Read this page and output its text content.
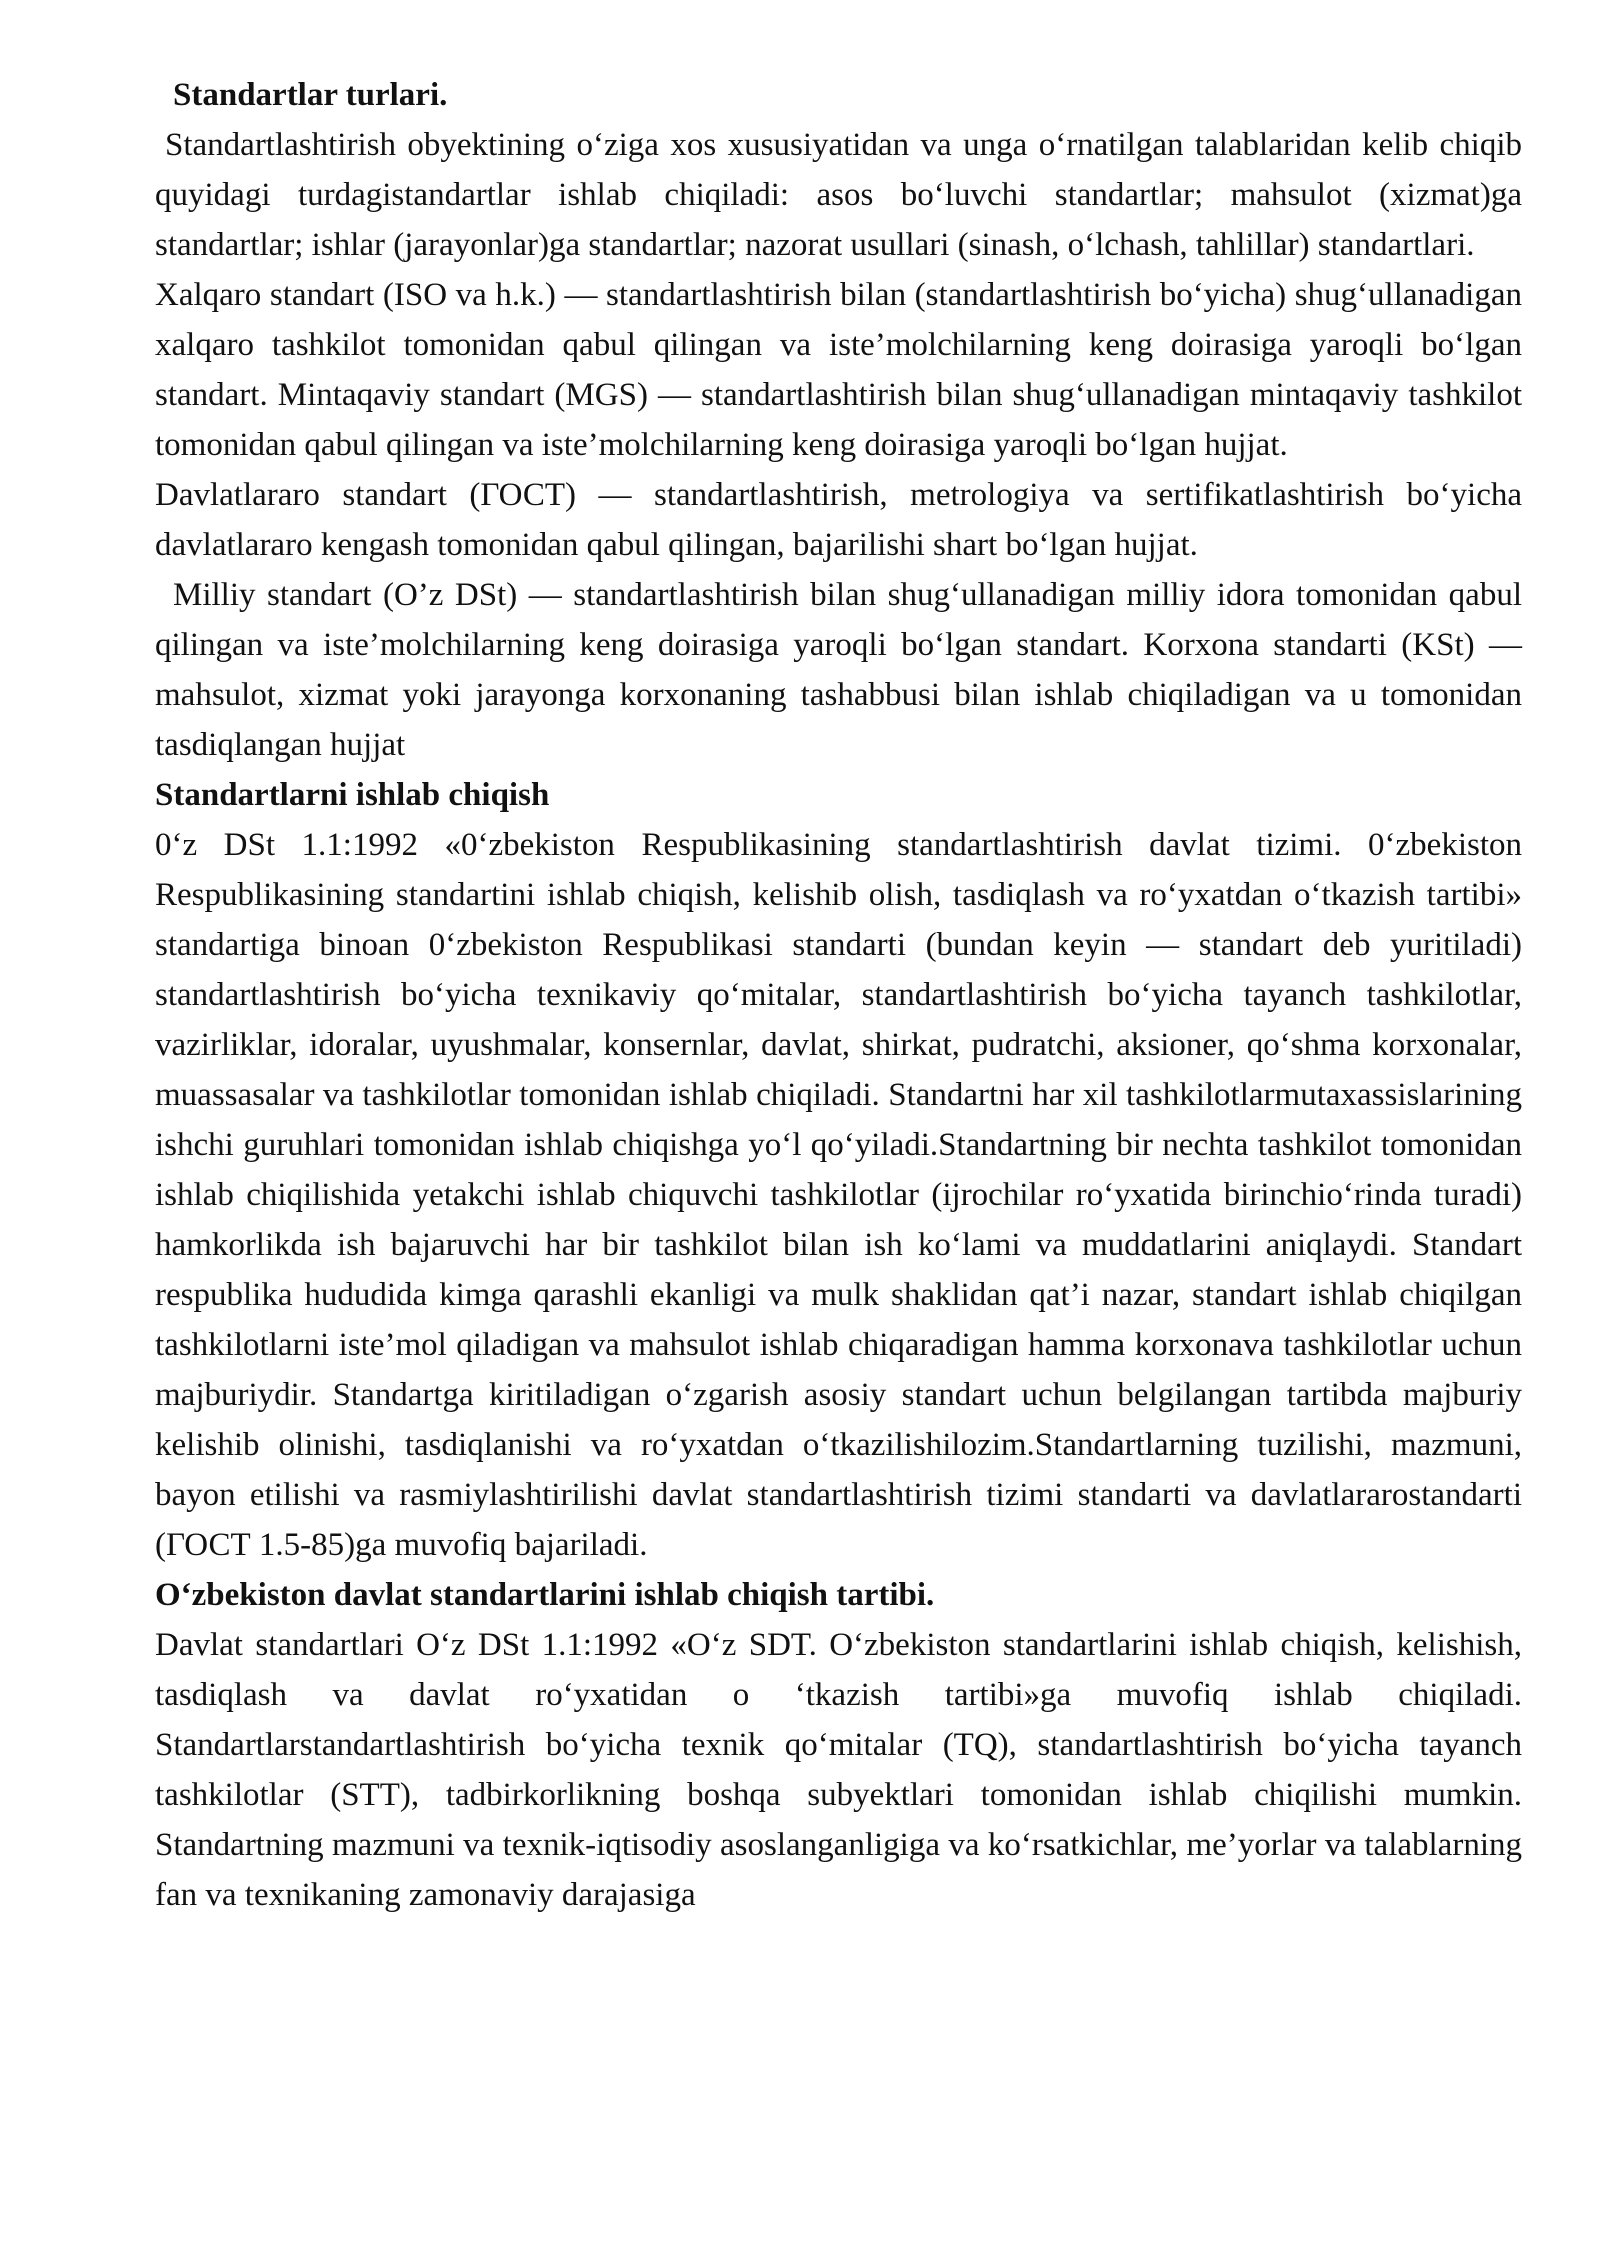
Standartlar turlari.

Standartlashtirish obyektining o‘ziga xos xususiyatidan va unga o‘rnatilgan talablaridan kelib chiqib quyidagi turdagistandartlar ishlab chiqiladi: asos bo‘luvchi standartlar; mahsulot (xizmat)ga standartlar; ishlar (jarayonlar)ga standartlar; nazorat usullari (sinash, o‘lchash, tahlillar) standartlari.

Xalqaro standart (ISO va h.k.) — standartlashtirish bilan (standartlashtirish bo‘yicha) shug‘ullanadigan xalqaro tashkilot tomonidan qabul qilingan va iste’molchilarning keng doirasiga yaroqli bo‘lgan standart. Mintaqaviy standart (MGS) — standartlashtirish bilan shug‘ullanadigan mintaqaviy tashkilot tomonidan qabul qilingan va iste’molchilarning keng doirasiga yaroqli bo‘lgan hujjat.

Davlatlararo standart (ГОСТ) — standartlashtirish, metrologiya va sertifikatlashtirish bo‘yicha davlatlararo kengash tomonidan qabul qilingan, bajarilishi shart bo‘lgan hujjat.

Milliy standart (O’z DSt) — standartlashtirish bilan shug‘ullanadigan milliy idora tomonidan qabul qilingan va iste’molchilarning keng doirasiga yaroqli bo‘lgan standart. Korxona standarti (KSt) —mahsulot, xizmat yoki jarayonga korxonaning tashabbusi bilan ishlab chiqiladigan va u tomonidan tasdiqlangan hujjat

Standartlarni ishlab chiqish

0‘z DSt 1.1:1992 «0‘zbekiston Respublikasining standartlashtirish davlat tizimi. 0‘zbekiston Respublikasining standartini ishlab chiqish, kelishib olish, tasdiqlash va ro‘yxatdan o‘tkazish tartibi» standartiga binoan 0‘zbekiston Respublikasi standarti (bundan keyin — standart deb yuritiladi) standartlashtirish bo‘yicha texnikaviy qo‘mitalar, standartlashtirish bo‘yicha tayanch tashkilotlar, vazirliklar, idoralar, uyushmalar, konsernlar, davlat, shirkat, pudratchi, aksioner, qo‘shma korxonalar, muassasalar va tashkilotlar tomonidan ishlab chiqiladi. Standartni har xil tashkilotlarmutaxassislarining ishchi guruhlari tomonidan ishlab chiqishga yo‘l qo‘yiladi.Standartning bir nechta tashkilot tomonidan ishlab chiqilishida yetakchi ishlab chiquvchi tashkilotlar (ijrochilar ro‘yxatida birinchio‘rinda turadi) hamkorlikda ish bajaruvchi har bir tashkilot bilan ish ko‘lami va muddatlarini aniqlaydi. Standart respublika hududida kimga qarashli ekanligi va mulk shaklidan qat’i nazar, standart ishlab chiqilgan tashkilotlarni iste’mol qiladigan va mahsulot ishlab chiqaradigan hamma korxonava tashkilotlar uchun majburiydir. Standartga kiritiladigan o‘zgarish asosiy standart uchun belgilangan tartibda majburiy kelishib olinishi, tasdiqlanishi va ro‘yxatdan o‘tkazilishilozim.Standartlarning tuzilishi, mazmuni, bayon etilishi va rasmiylashtirilishi davlat standartlashtirish tizimi standarti va davlatlararostandarti (ГОСТ 1.5-85)ga muvofiq bajariladi.

O‘zbekiston davlat standartlarini ishlab chiqish tartibi.

Davlat standartlari O‘z DSt 1.1:1992 «O‘z SDT. O‘zbekiston standartlarini ishlab chiqish, kelishish, tasdiqlash va davlat ro‘yxatidan o ‘tkazish tartibi»ga muvofiq ishlab chiqiladi. Standartlarstandartlashtirish bo‘yicha texnik qo‘mitalar (TQ), standartlashtirish bo‘yicha tayanch tashkilotlar (STT), tadbirkorlikning boshqa subyektlari tomonidan ishlab chiqilishi mumkin. Standartning mazmuni va texnik-iqtisodiy asoslanganligiga va ko‘rsatkichlar, me’yorlar va talablarning fan va texnikaning zamonaviy darajasiga
